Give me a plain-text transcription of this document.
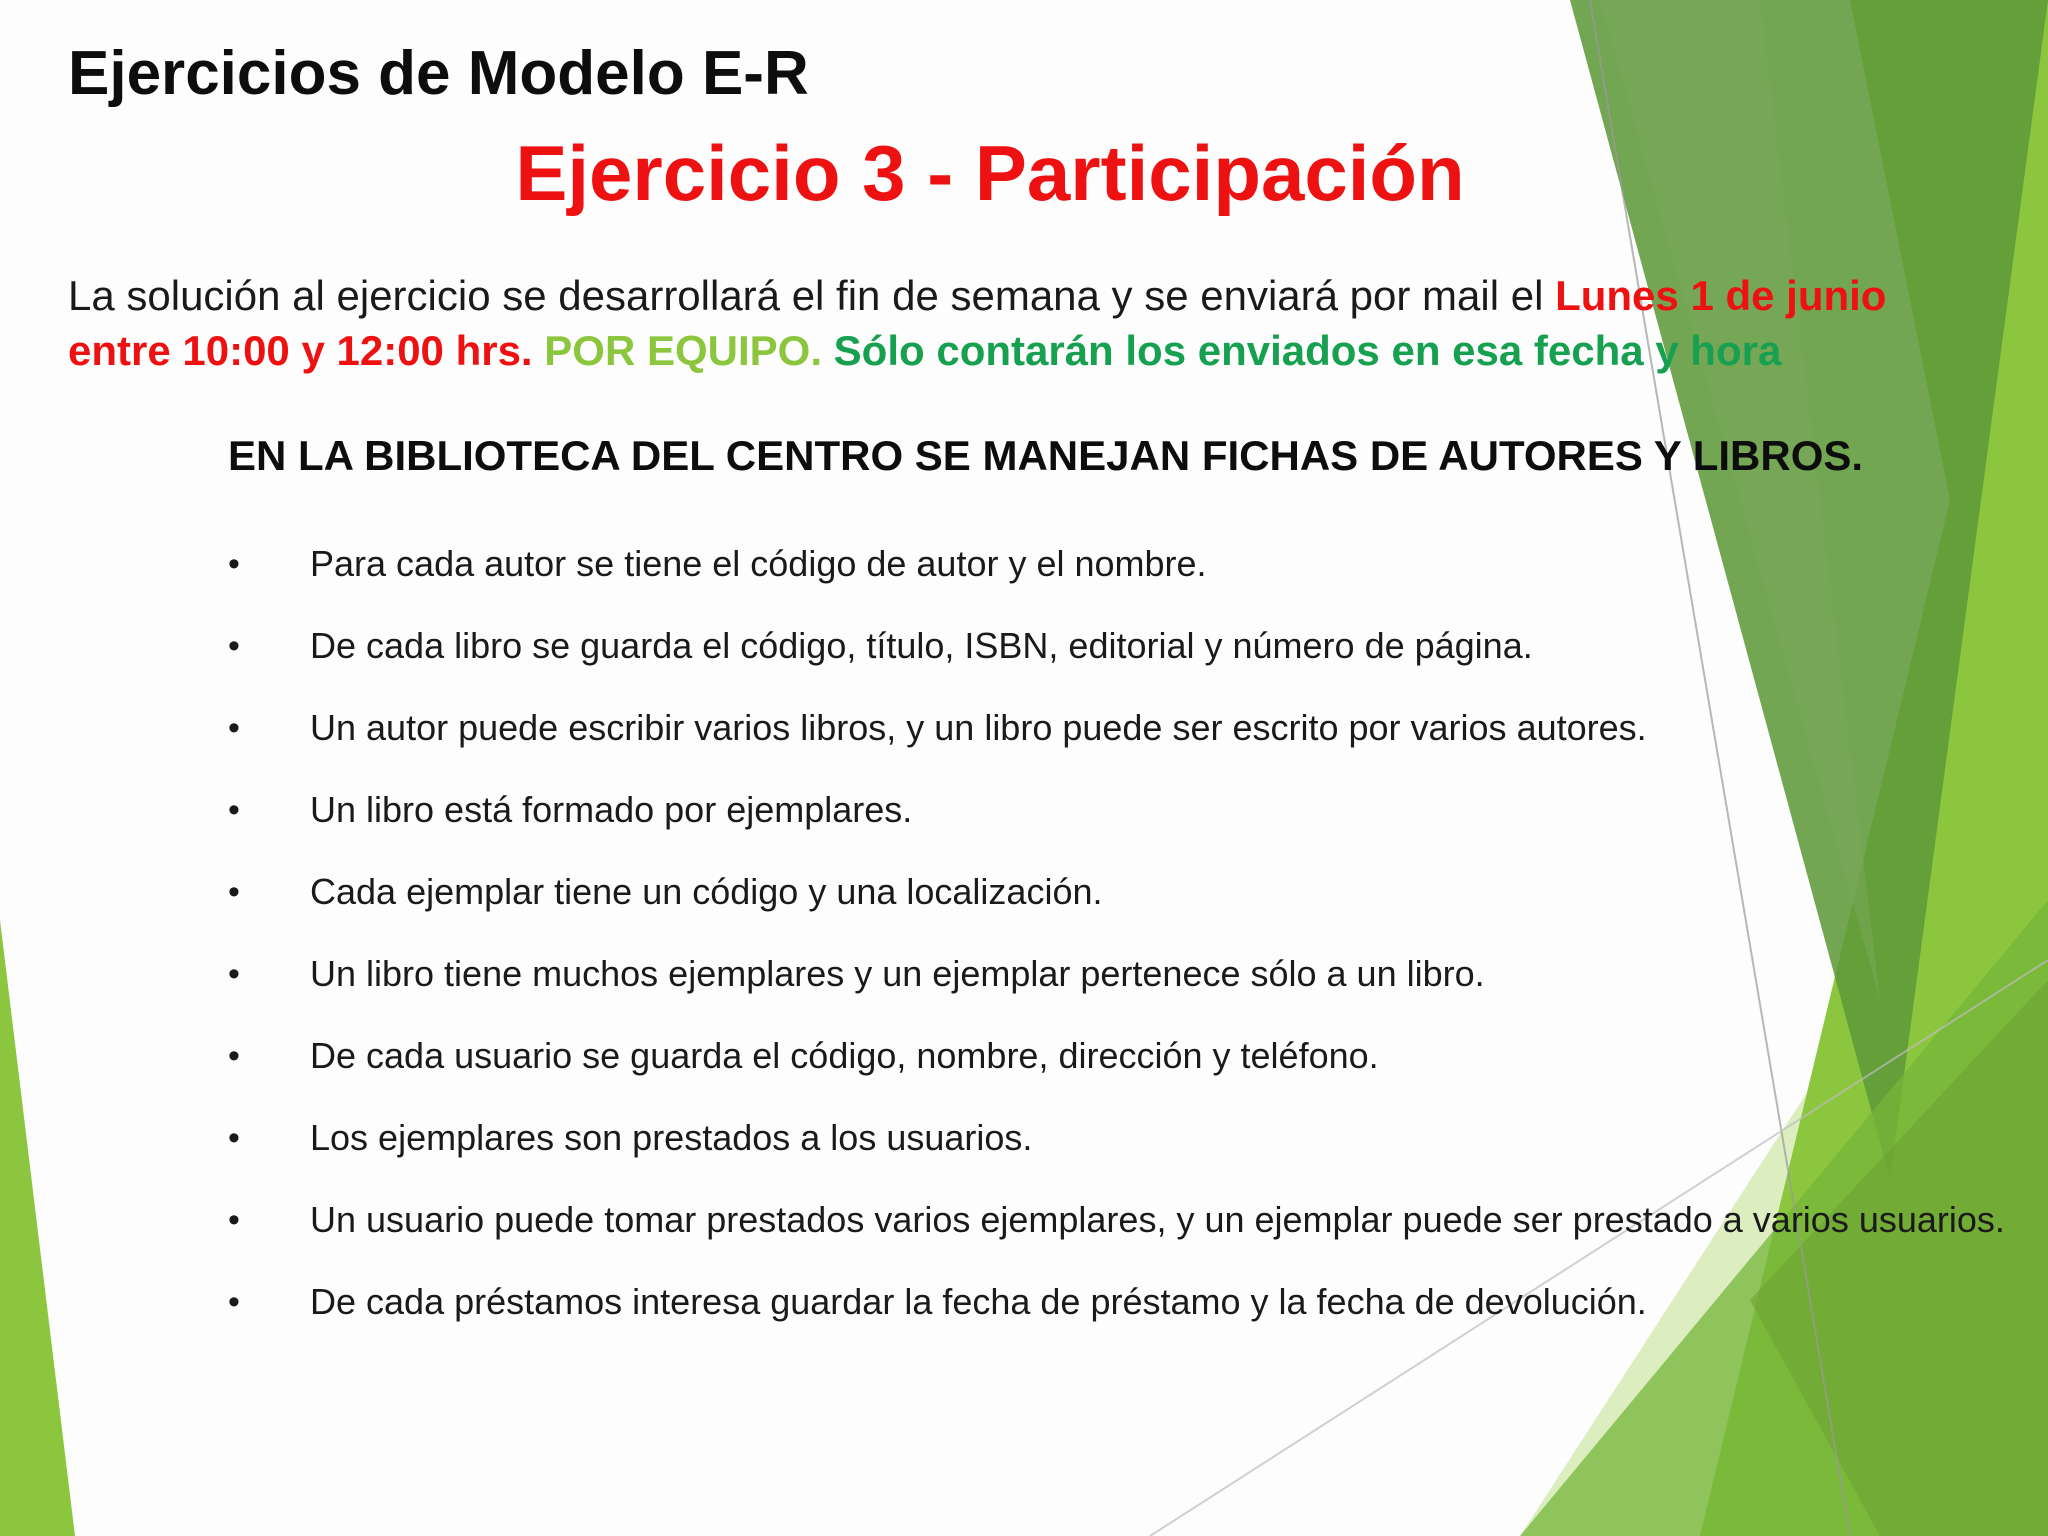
Ejercicios de Modelo E-R
Ejercicio 3 - Participación
La solución al ejercicio se desarrollará el fin de semana y se enviará por mail el Lunes 1 de junio entre 10:00 y 12:00 hrs. POR EQUIPO. Sólo contarán los enviados en esa fecha y hora
EN LA BIBLIOTECA DEL CENTRO SE MANEJAN FICHAS DE AUTORES Y LIBROS.
•	Para cada autor se tiene el código de autor y el nombre.
•	De cada libro se guarda el código, título, ISBN, editorial y número de página.
•	Un autor puede escribir varios libros, y un libro puede ser escrito por varios autores.
•	Un libro está formado por ejemplares.
•	Cada ejemplar tiene un código y una localización.
•	Un libro tiene muchos ejemplares y un ejemplar pertenece sólo a un libro.
•	De cada usuario se guarda el código, nombre, dirección y teléfono.
•	Los ejemplares son prestados a los usuarios.
•	Un usuario puede tomar prestados varios ejemplares, y un ejemplar puede ser prestado a varios usuarios.
•	De cada préstamos interesa guardar la fecha de préstamo y la fecha de devolución.
